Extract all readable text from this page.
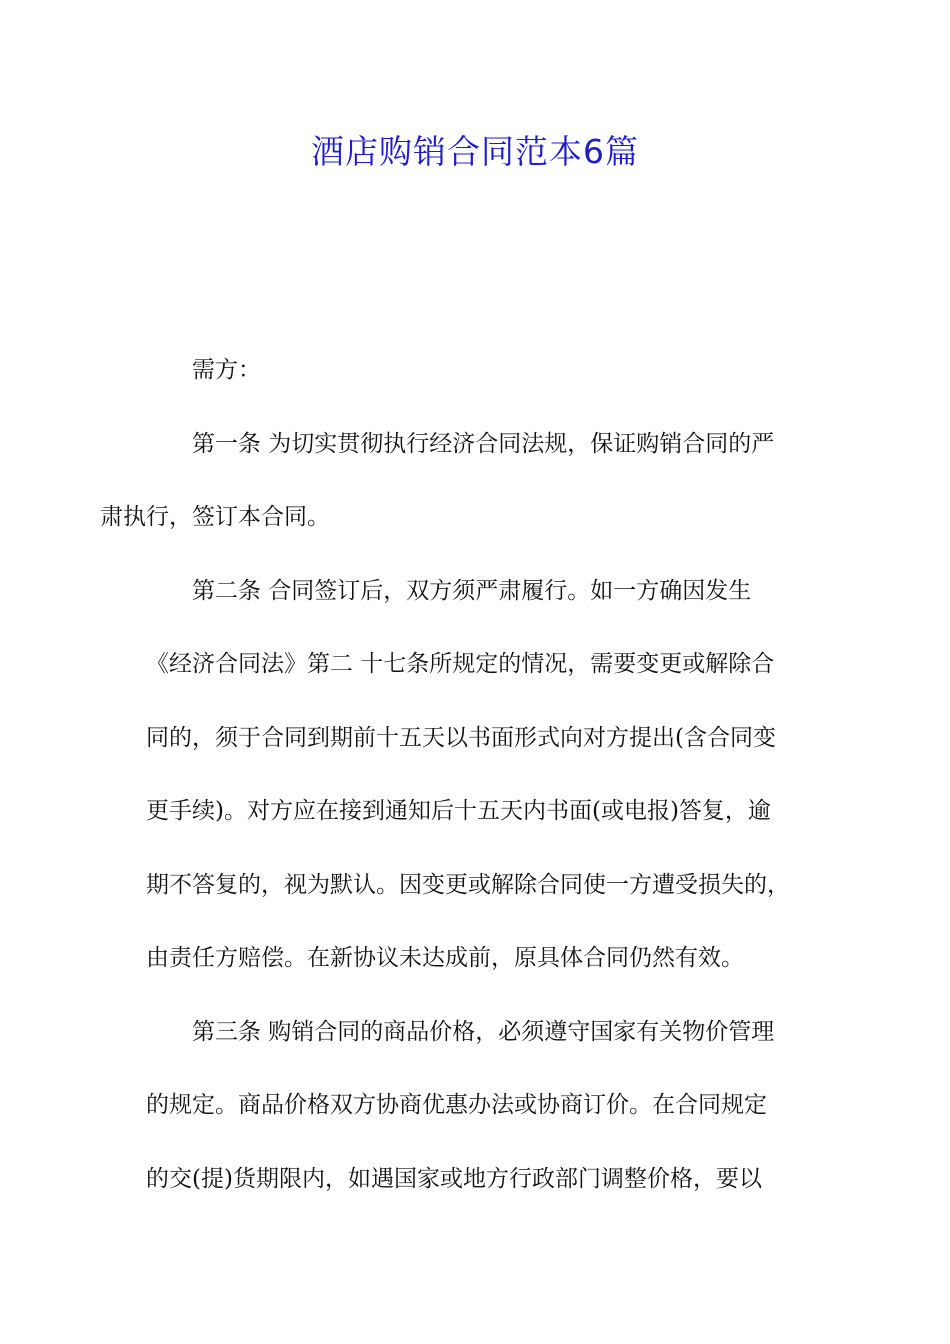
酒店购销合同范本6篇

需方：

第一条 为切实贯彻执行经济合同法规，保证购销合同的严
肃执行，签订本合同。

第二条 合同签订后，双方须严肃履行。如一方确因发生
《经济合同法》第二 十七条所规定的情况，需要变更或解除合
同的，须于合同到期前十五天以书面形式向对方提出(含合同变
更手续)。对方应在接到通知后十五天内书面(或电报)答复，逾
期不答复的，视为默认。因变更或解除合同使一方遭受损失的，
由责任方赔偿。在新协议未达成前，原具体合同仍然有效。

第三条 购销合同的商品价格，必须遵守国家有关物价管理
的规定。商品价格双方协商优惠办法或协商订价。在合同规定
的交(提)货期限内，如遇国家或地方行政部门调整价格，要以
